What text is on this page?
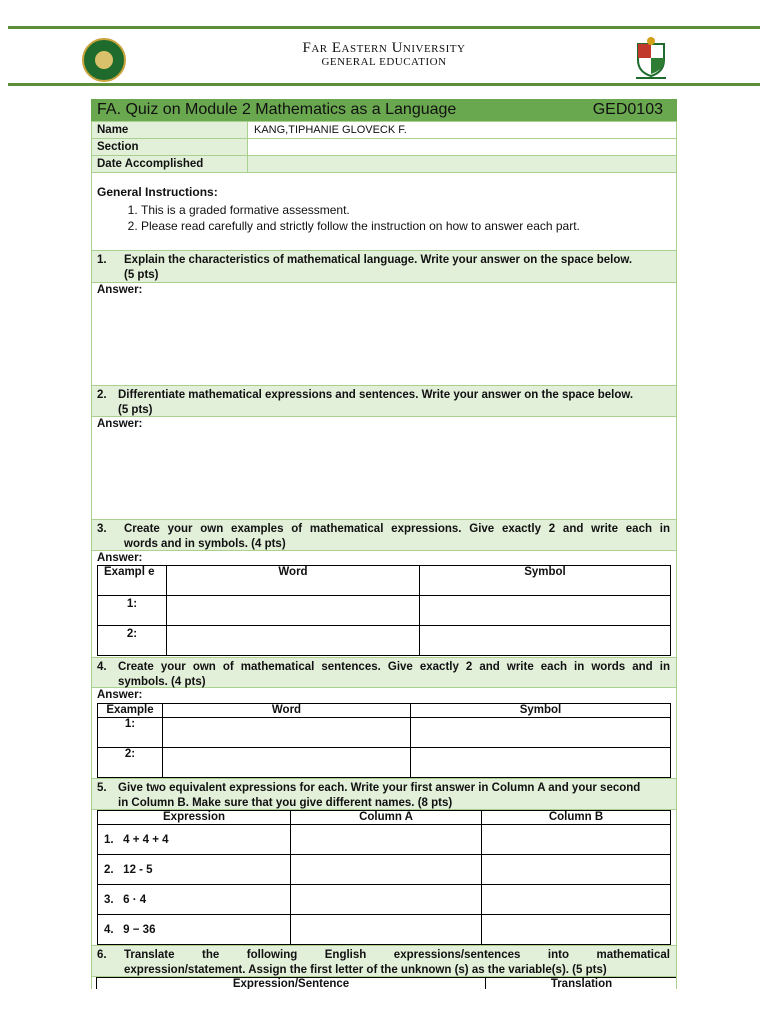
Far Eastern University
GENERAL EDUCATION
FA. Quiz on Module 2 Mathematics as a Language	GED0103
Name	KANG,TIPHANIE GLOVECK F.
Section
Date Accomplished
General Instructions:
1. This is a graded formative assessment.
2. Please read carefully and strictly follow the instruction on how to answer each part.
1. Explain the characteristics of mathematical language. Write your answer on the space below.
(5 pts)
Answer:
2. Differentiate mathematical expressions and sentences. Write your answer on the space below.
(5 pts)
Answer:
3.	Create your own examples of mathematical expressions. Give exactly 2 and write each in
words and in symbols. (4 pts)
Answer:
Exampl e	Word	Symbol
1:		
2:		
4. Create your own of mathematical sentences. Give exactly 2 and write each in words and in
symbols. (4 pts)
Answer:
Example	Word	Symbol
1:		
2:		
5. Give two equivalent expressions for each. Write your first answer in Column A and your second
in Column B. Make sure that you give different names. (8 pts)
Expression	Column A	Column B
1.   4 + 4 + 4		
2.   12 - 5		
3.   6 · 4		
4.   9 − 36		
6.	Translate the following English expressions/sentences into mathematical
expression/statement. Assign the first letter of the unknown (s) as the variable(s). (5 pts)
Expression/Sentence	Translation
